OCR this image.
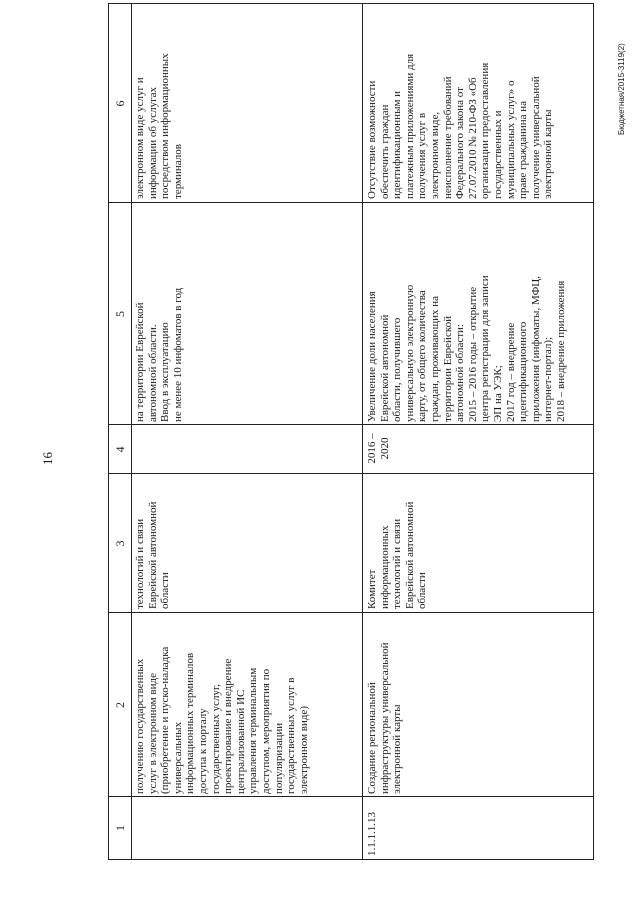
16
1
2
3
4
5
6
получению государственных
услуг в электронном виде
(приобретение и пуско-наладка
универсальных
информационных терминалов
доступа к порталу
государственных услуг,
проектирование и внедрение
централизованной ИС
управления терминальным
доступом, мероприятия по
популяризации
государственных услуг в
электронном виде)
технологий и связи
Еврейской автономной
области
на территории Еврейской
автономной области.
Ввод в эксплуатацию
не менее 10 инфоматов в год
электронном виде услуг и
информации об услугах
посредством информационных
терминалов
1.1.1.1.13
Создание региональной
инфраструктуры универсальной
электронной карты
Комитет
информационных
технологий и связи
Еврейской автономной
области
2016 –
2020
Увеличение доли населения
Еврейской автономной
области, получившего
универсальную электронную
карту, от общего количества
граждан, проживающих на
территории Еврейской
автономной области:
2015 – 2016 годы – открытие
центра регистрации для записи
ЭП на УЭК;
2017 год – внедрение
идентификационного
приложения (инфоматы, МФЦ,
интернет-портал);
2018 – внедрение приложения
Отсутствие возможности
обеспечить граждан
идентификационным и
платежным приложениями для
получения услуг в
электронном виде,
неисполнение требований
Федерального закона от
27.07.2010 № 210-ФЗ «Об
организации предоставления
государственных и
муниципальных услуг» о
праве гражданина на
получение универсальной
электронной карты	Бюджетная/2015-3119(2)
